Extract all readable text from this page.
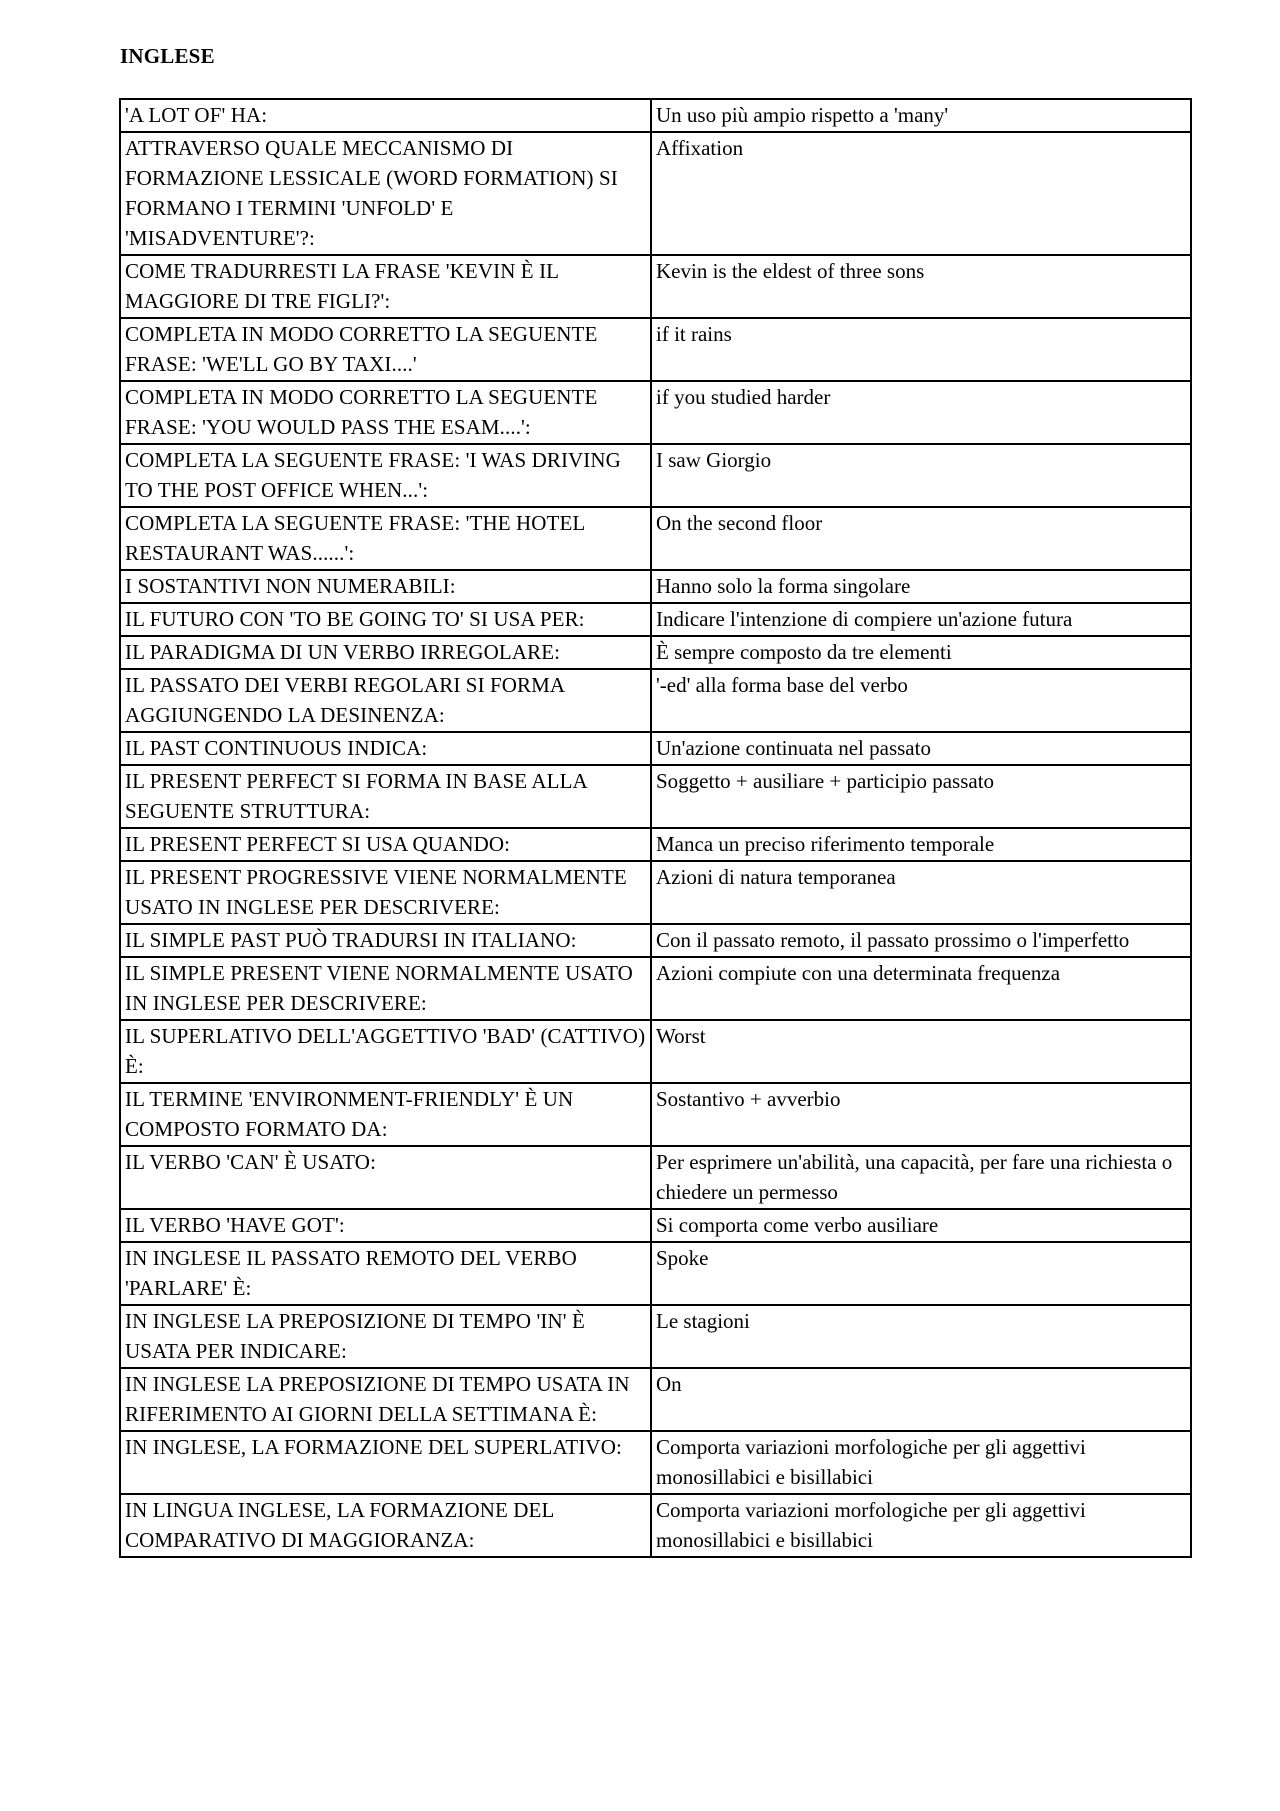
INGLESE
'A LOT OF' HA:	Un uso più ampio rispetto a 'many'
ATTRAVERSO QUALE MECCANISMO DI FORMAZIONE LESSICALE (WORD FORMATION) SI FORMANO I TERMINI 'UNFOLD' E 'MISADVENTURE'?:	Affixation
COME TRADURRESTI LA FRASE 'KEVIN È IL MAGGIORE DI TRE FIGLI?':	Kevin is the eldest of three sons
COMPLETA IN MODO CORRETTO LA SEGUENTE FRASE: 'WE'LL GO BY TAXI....'	if it rains
COMPLETA IN MODO CORRETTO LA SEGUENTE FRASE: 'YOU WOULD PASS THE ESAM....':	if you studied harder
COMPLETA LA SEGUENTE FRASE: 'I WAS DRIVING TO THE POST OFFICE WHEN...':	I saw Giorgio
COMPLETA LA SEGUENTE FRASE: 'THE HOTEL RESTAURANT WAS......':	On the second floor
I SOSTANTIVI NON NUMERABILI:	Hanno solo la forma singolare
IL FUTURO CON 'TO BE GOING TO' SI USA PER:	Indicare l'intenzione di compiere un'azione futura
IL PARADIGMA DI UN VERBO IRREGOLARE:	È sempre composto da tre elementi
IL PASSATO DEI VERBI REGOLARI SI FORMA AGGIUNGENDO LA DESINENZA:	'-ed' alla forma base del verbo
IL PAST CONTINUOUS INDICA:	Un'azione continuata nel passato
IL PRESENT PERFECT SI FORMA IN BASE ALLA SEGUENTE STRUTTURA:	Soggetto + ausiliare + participio passato
IL PRESENT PERFECT SI USA QUANDO:	Manca un preciso riferimento temporale
IL PRESENT PROGRESSIVE VIENE NORMALMENTE USATO IN INGLESE PER DESCRIVERE:	Azioni di natura temporanea
IL SIMPLE PAST PUÒ TRADURSI IN ITALIANO:	Con il passato remoto, il passato prossimo o l'imperfetto
IL SIMPLE PRESENT VIENE NORMALMENTE USATO IN INGLESE PER DESCRIVERE:	Azioni compiute con una determinata frequenza
IL SUPERLATIVO DELL'AGGETTIVO 'BAD' (CATTIVO) È:	Worst
IL TERMINE 'ENVIRONMENT-FRIENDLY' È UN COMPOSTO FORMATO DA:	Sostantivo + avverbio
IL VERBO 'CAN' È USATO:	Per esprimere un'abilità, una capacità, per fare una richiesta o chiedere un permesso
IL VERBO 'HAVE GOT':	Si comporta come verbo ausiliare
IN INGLESE IL PASSATO REMOTO DEL VERBO 'PARLARE' È:	Spoke
IN INGLESE LA PREPOSIZIONE DI TEMPO 'IN' È USATA PER INDICARE:	Le stagioni
IN INGLESE LA PREPOSIZIONE DI TEMPO USATA IN RIFERIMENTO AI GIORNI DELLA SETTIMANA È:	On
IN INGLESE, LA FORMAZIONE DEL SUPERLATIVO:	Comporta variazioni morfologiche per gli aggettivi monosillabici e bisillabici
IN LINGUA INGLESE, LA FORMAZIONE DEL COMPARATIVO DI MAGGIORANZA:	Comporta variazioni morfologiche per gli aggettivi monosillabici e bisillabici
